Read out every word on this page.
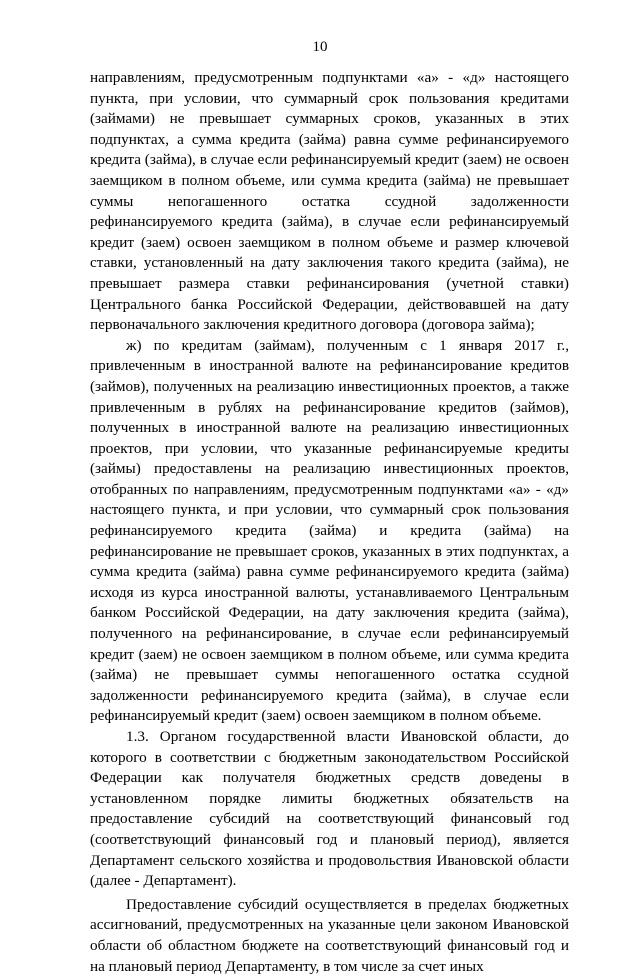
10

направлениям, предусмотренным подпунктами «а» - «д» настоящего пункта, при условии, что суммарный срок пользования кредитами (займами) не превышает суммарных сроков, указанных в этих подпунктах, а сумма кредита (займа) равна сумме рефинансируемого кредита (займа), в случае если рефинансируемый кредит (заем) не освоен заемщиком в полном объеме, или сумма кредита (займа) не превышает суммы непогашенного остатка ссудной задолженности рефинансируемого кредита (займа), в случае если рефинансируемый кредит (заем) освоен заемщиком в полном объеме и размер ключевой ставки, установленный на дату заключения такого кредита (займа), не превышает размера ставки рефинансирования (учетной ставки) Центрального банка Российской Федерации, действовавшей на дату первоначального заключения кредитного договора (договора займа);

ж) по кредитам (займам), полученным с 1 января 2017 г., привлеченным в иностранной валюте на рефинансирование кредитов (займов), полученных на реализацию инвестиционных проектов, а также привлеченным в рублях на рефинансирование кредитов (займов), полученных в иностранной валюте на реализацию инвестиционных проектов, при условии, что указанные рефинансируемые кредиты (займы) предоставлены на реализацию инвестиционных проектов, отобранных по направлениям, предусмотренным подпунктами «а» - «д» настоящего пункта, и при условии, что суммарный срок пользования рефинансируемого кредита (займа) и кредита (займа) на рефинансирование не превышает сроков, указанных в этих подпунктах, а сумма кредита (займа) равна сумме рефинансируемого кредита (займа) исходя из курса иностранной валюты, устанавливаемого Центральным банком Российской Федерации, на дату заключения кредита (займа), полученного на рефинансирование, в случае если рефинансируемый кредит (заем) не освоен заемщиком в полном объеме, или сумма кредита (займа) не превышает суммы непогашенного остатка ссудной задолженности рефинансируемого кредита (займа), в случае если рефинансируемый кредит (заем) освоен заемщиком в полном объеме.

1.3. Органом государственной власти Ивановской области, до которого в соответствии с бюджетным законодательством Российской Федерации как получателя бюджетных средств доведены в установленном порядке лимиты бюджетных обязательств на предоставление субсидий на соответствующий финансовый год (соответствующий финансовый год и плановый период), является Департамент сельского хозяйства и продовольствия Ивановской области (далее - Департамент).

Предоставление субсидий осуществляется в пределах бюджетных ассигнований, предусмотренных на указанные цели законом Ивановской области об областном бюджете на соответствующий финансовый год и на плановый период Департаменту, в том числе за счет иных
